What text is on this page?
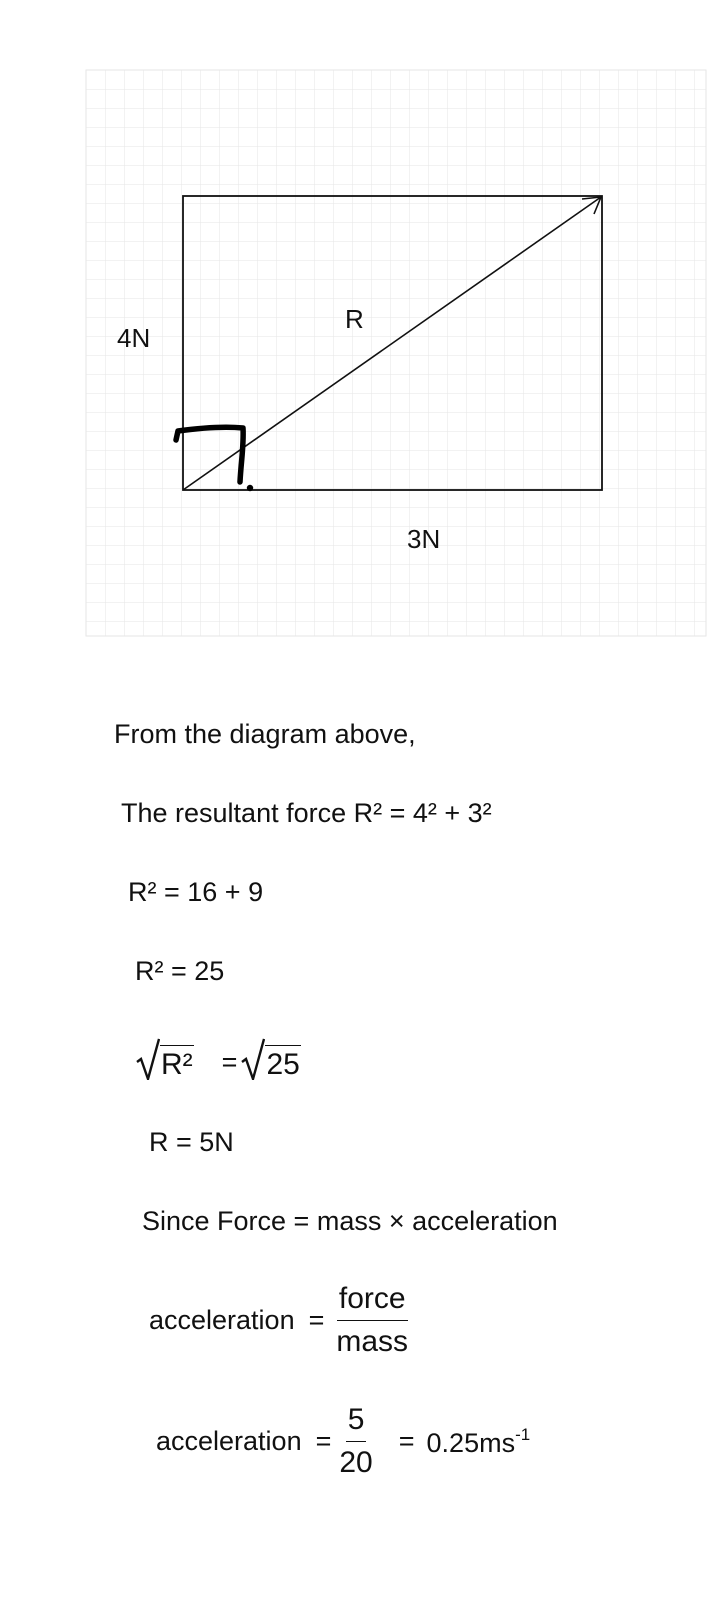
4N
R
3N
From the diagram above,
The resultant force R² = 4² + 3²
R² = 16 + 9
R² = 25
R² = 25
R = 5N
Since Force = mass × acceleration
acceleration = $\frac{\text{force}}{\text{mass}}$
acceleration = $\frac{5}{20} = 0.25ms^{-1}$
